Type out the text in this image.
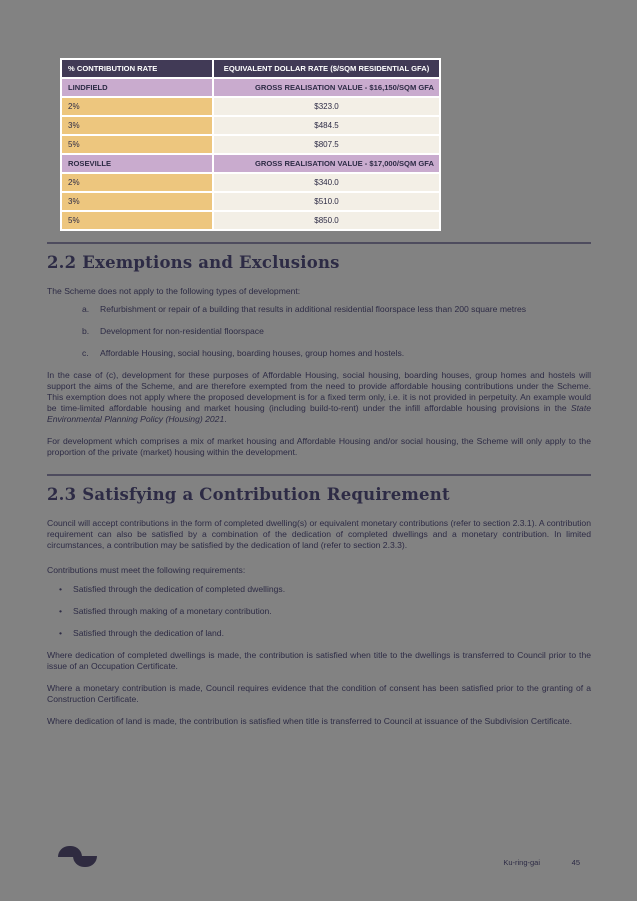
% CONTRIBUTION RATE	EQUIVALENT DOLLAR RATE ($/SQM RESIDENTIAL GFA)
LINDFIELD	GROSS REALISATION VALUE - $16,150/SQM GFA
2%	$323.0
3%	$484.5
5%	$807.5
ROSEVILLE	GROSS REALISATION VALUE - $17,000/SQM GFA
2%	$340.0
3%	$510.0
5%	$850.0
2.2 Exemptions and Exclusions

The Scheme does not apply to the following types of development:

a.	Refurbishment or repair of a building that results in additional residential floorspace less than 200 square metres
b.	Development for non-residential floorspace
c.	Affordable Housing, social housing, boarding houses, group homes and hostels.

In the case of (c), development for these purposes of Affordable Housing, social housing, boarding houses, group homes and hostels will support the aims of the Scheme, and are therefore exempted from the need to provide affordable housing contributions under the Scheme. This exemption does not apply where the proposed development is for a fixed term only, i.e. it is not provided in perpetuity. An example would be time-limited affordable housing and market housing (including build-to-rent) under the infill affordable housing provisions in the State Environmental Planning Policy (Housing) 2021.

For development which comprises a mix of market housing and Affordable Housing and/or social housing, the Scheme will only apply to the proportion of the private (market) housing within the development.

2.3 Satisfying a Contribution Requirement

Council will accept contributions in the form of completed dwelling(s) or equivalent monetary contributions (refer to section 2.3.1). A contribution requirement can also be satisfied by a combination of the dedication of completed dwellings and a monetary contribution. In limited circumstances, a contribution may be satisfied by the dedication of land (refer to section 2.3.3).

Contributions must meet the following requirements:

•	Satisfied through the dedication of completed dwellings.
•	Satisfied through making of a monetary contribution.
•	Satisfied through the dedication of land.

Where dedication of completed dwellings is made, the contribution is satisfied when title to the dwellings is transferred to Council prior to the issue of an Occupation Certificate.

Where a monetary contribution is made, Council requires evidence that the condition of consent has been satisfied prior to the granting of a Construction Certificate.

Where dedication of land is made, the contribution is satisfied when title is transferred to Council at issuance of the Subdivision Certificate.

Ku-ring-gai	45
